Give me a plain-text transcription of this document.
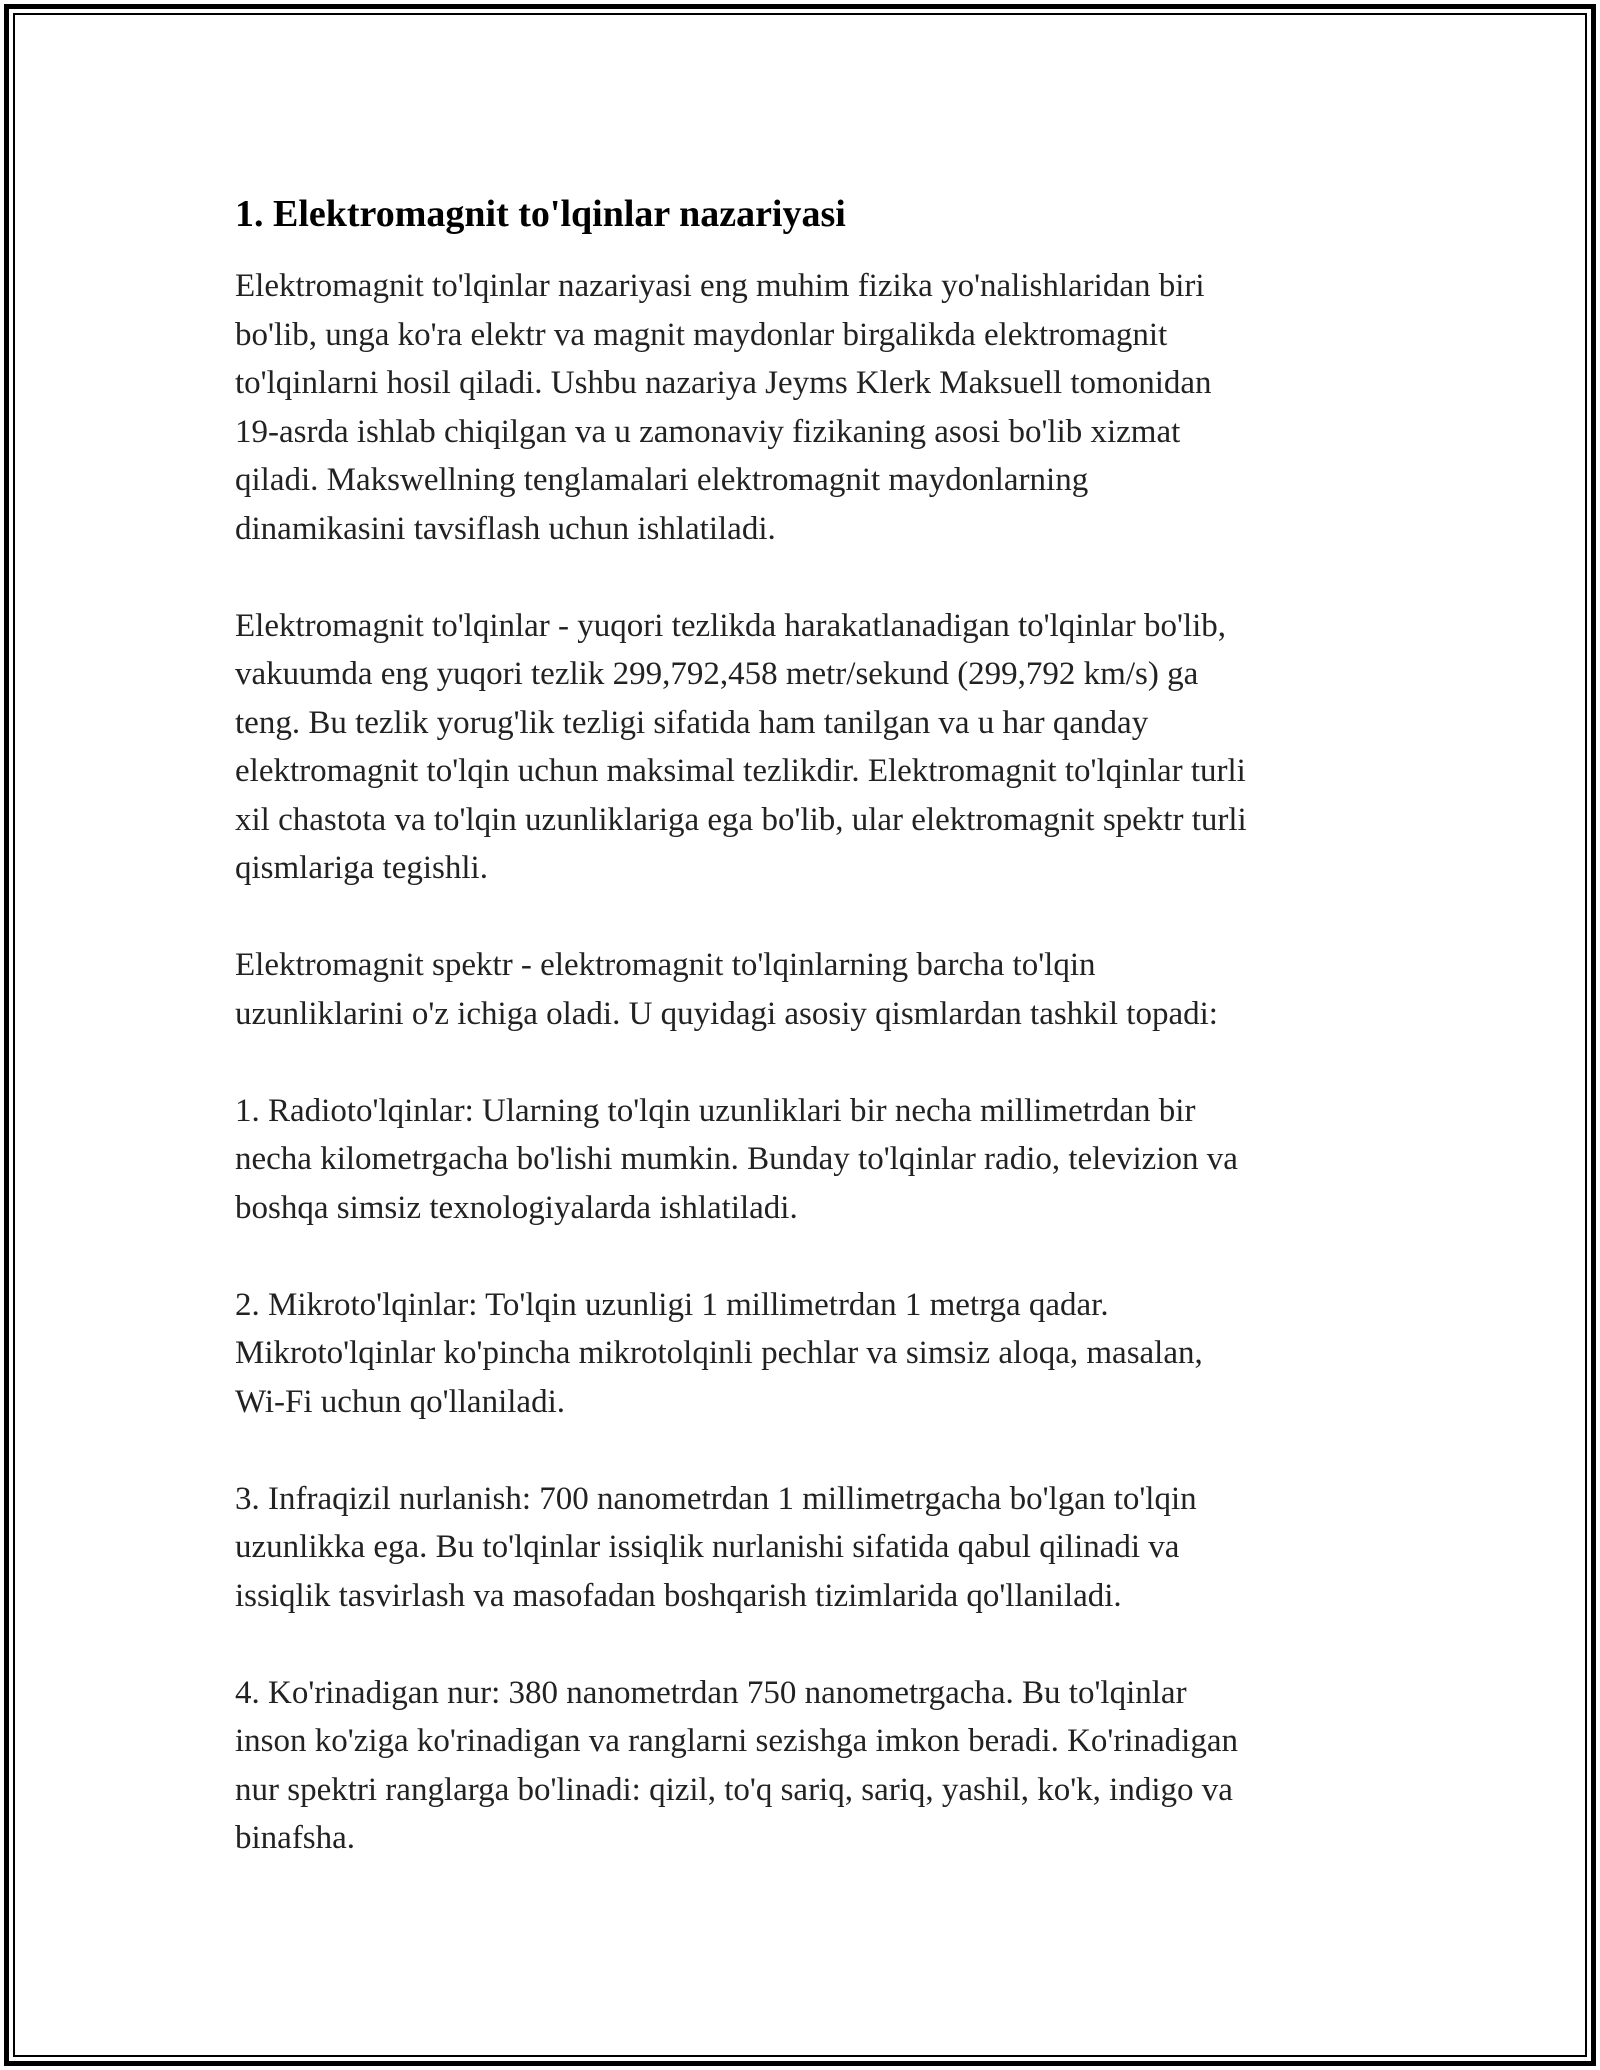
1. Elektromagnit to'lqinlar nazariyasi

Elektromagnit to'lqinlar nazariyasi eng muhim fizika yo'nalishlaridan biri
bo'lib, unga ko'ra elektr va magnit maydonlar birgalikda elektromagnit
to'lqinlarni hosil qiladi. Ushbu nazariya Jeyms Klerk Maksuell tomonidan
19-asrda ishlab chiqilgan va u zamonaviy fizikaning asosi bo'lib xizmat
qiladi. Makswellning tenglamalari elektromagnit maydonlarning
dinamikasini tavsiflash uchun ishlatiladi.

Elektromagnit to'lqinlar - yuqori tezlikda harakatlanadigan to'lqinlar bo'lib,
vakuumda eng yuqori tezlik 299,792,458 metr/sekund (299,792 km/s) ga
teng. Bu tezlik yorug'lik tezligi sifatida ham tanilgan va u har qanday
elektromagnit to'lqin uchun maksimal tezlikdir. Elektromagnit to'lqinlar turli
xil chastota va to'lqin uzunliklariga ega bo'lib, ular elektromagnit spektr turli
qismlariga tegishli.

Elektromagnit spektr - elektromagnit to'lqinlarning barcha to'lqin
uzunliklarini o'z ichiga oladi. U quyidagi asosiy qismlardan tashkil topadi:

1. Radioto'lqinlar: Ularning to'lqin uzunliklari bir necha millimetrdan bir
necha kilometrgacha bo'lishi mumkin. Bunday to'lqinlar radio, televizion va
boshqa simsiz texnologiyalarda ishlatiladi.

2. Mikroto'lqinlar: To'lqin uzunligi 1 millimetrdan 1 metrga qadar.
Mikroto'lqinlar ko'pincha mikrotolqinli pechlar va simsiz aloqa, masalan,
Wi-Fi uchun qo'llaniladi.

3. Infraqizil nurlanish: 700 nanometrdan 1 millimetrgacha bo'lgan to'lqin
uzunlikka ega. Bu to'lqinlar issiqlik nurlanishi sifatida qabul qilinadi va
issiqlik tasvirlash va masofadan boshqarish tizimlarida qo'llaniladi.

4. Ko'rinadigan nur: 380 nanometrdan 750 nanometrgacha. Bu to'lqinlar
inson ko'ziga ko'rinadigan va ranglarni sezishga imkon beradi. Ko'rinadigan
nur spektri ranglarga bo'linadi: qizil, to'q sariq, sariq, yashil, ko'k, indigo va
binafsha.
